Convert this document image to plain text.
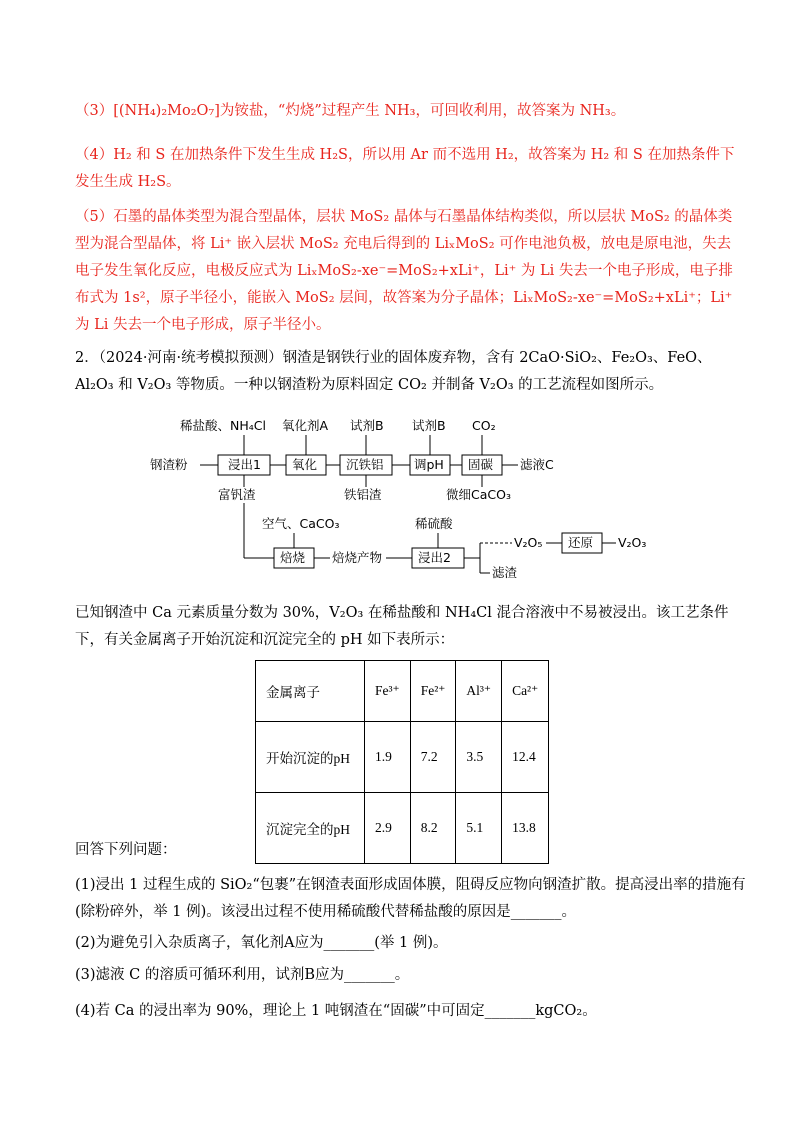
（3）[(NH₄)₂Mo₂O₇]为铵盐，“灼烧”过程产生 NH₃，可回收利用，故答案为 NH₃。
（4）H₂ 和 S 在加热条件下发生生成 H₂S，所以用 Ar 而不选用 H₂，故答案为 H₂ 和 S 在加热条件下发生生成 H₂S。
（5）石墨的晶体类型为混合型晶体，层状 MoS₂ 晶体与石墨晶体结构类似，所以层状 MoS₂ 的晶体类型为混合型晶体，将 Li⁺ 嵌入层状 MoS₂ 充电后得到的 LiₓMoS₂ 可作电池负极，放电是原电池，失去电子发生氧化反应，电极反应式为 LiₓMoS₂-xe⁻=MoS₂+xLi⁺，Li⁺ 为 Li 失去一个电子形成，电子排布式为 1s²，原子半径小，能嵌入 MoS₂ 层间，故答案为分子晶体；LiₓMoS₂-xe⁻=MoS₂+xLi⁺；Li⁺ 为 Li 失去一个电子形成，原子半径小。
2．（2024·河南·统考模拟预测）钢渣是钢铁行业的固体废弃物，含有 2CaO·SiO₂、Fe₂O₃、FeO、Al₂O₃ 和 V₂O₃ 等物质。一种以钢渣粉为原料固定 CO₂ 并制备 V₂O₃ 的工艺流程如图所示。
钢渣粉	浸出1 氧化 沉铁铝 调pH 固碳
焙烧	浸出2
还原
稀盐酸、NH₄Cl 氧化剂A 试剂B 试剂B CO₂
空气、CaCO₃	稀硫酸
富钒渣	铁铝渣	微细CaCO₃
滤液C
焙烧产物
滤渣
V₂O₅	V₂O₃
已知钢渣中 Ca 元素质量分数为 30%，V₂O₃ 在稀盐酸和 NH₄Cl 混合溶液中不易被浸出。该工艺条件下，有关金属离子开始沉淀和沉淀完全的 pH 如下表所示：
金属离子	Fe³⁺	Fe²⁺	Al³⁺	Ca²⁺
开始沉淀的pH	1.9	7.2	3.5	12.4
沉淀完全的pH	2.9	8.2	5.1	13.8
回答下列问题：
(1)浸出 1 过程生成的 SiO₂“包裹”在钢渣表面形成固体膜，阻碍反应物向钢渣扩散。提高浸出率的措施有(除粉碎外，举 1 例)。该浸出过程不使用稀硫酸代替稀盐酸的原因是_______。
(2)为避免引入杂质离子，氧化剂A应为_______(举 1 例)。
(3)滤液 C 的溶质可循环利用，试剂B应为_______。
(4)若 Ca 的浸出率为 90%，理论上 1 吨钢渣在“固碳”中可固定_______kgCO₂。
